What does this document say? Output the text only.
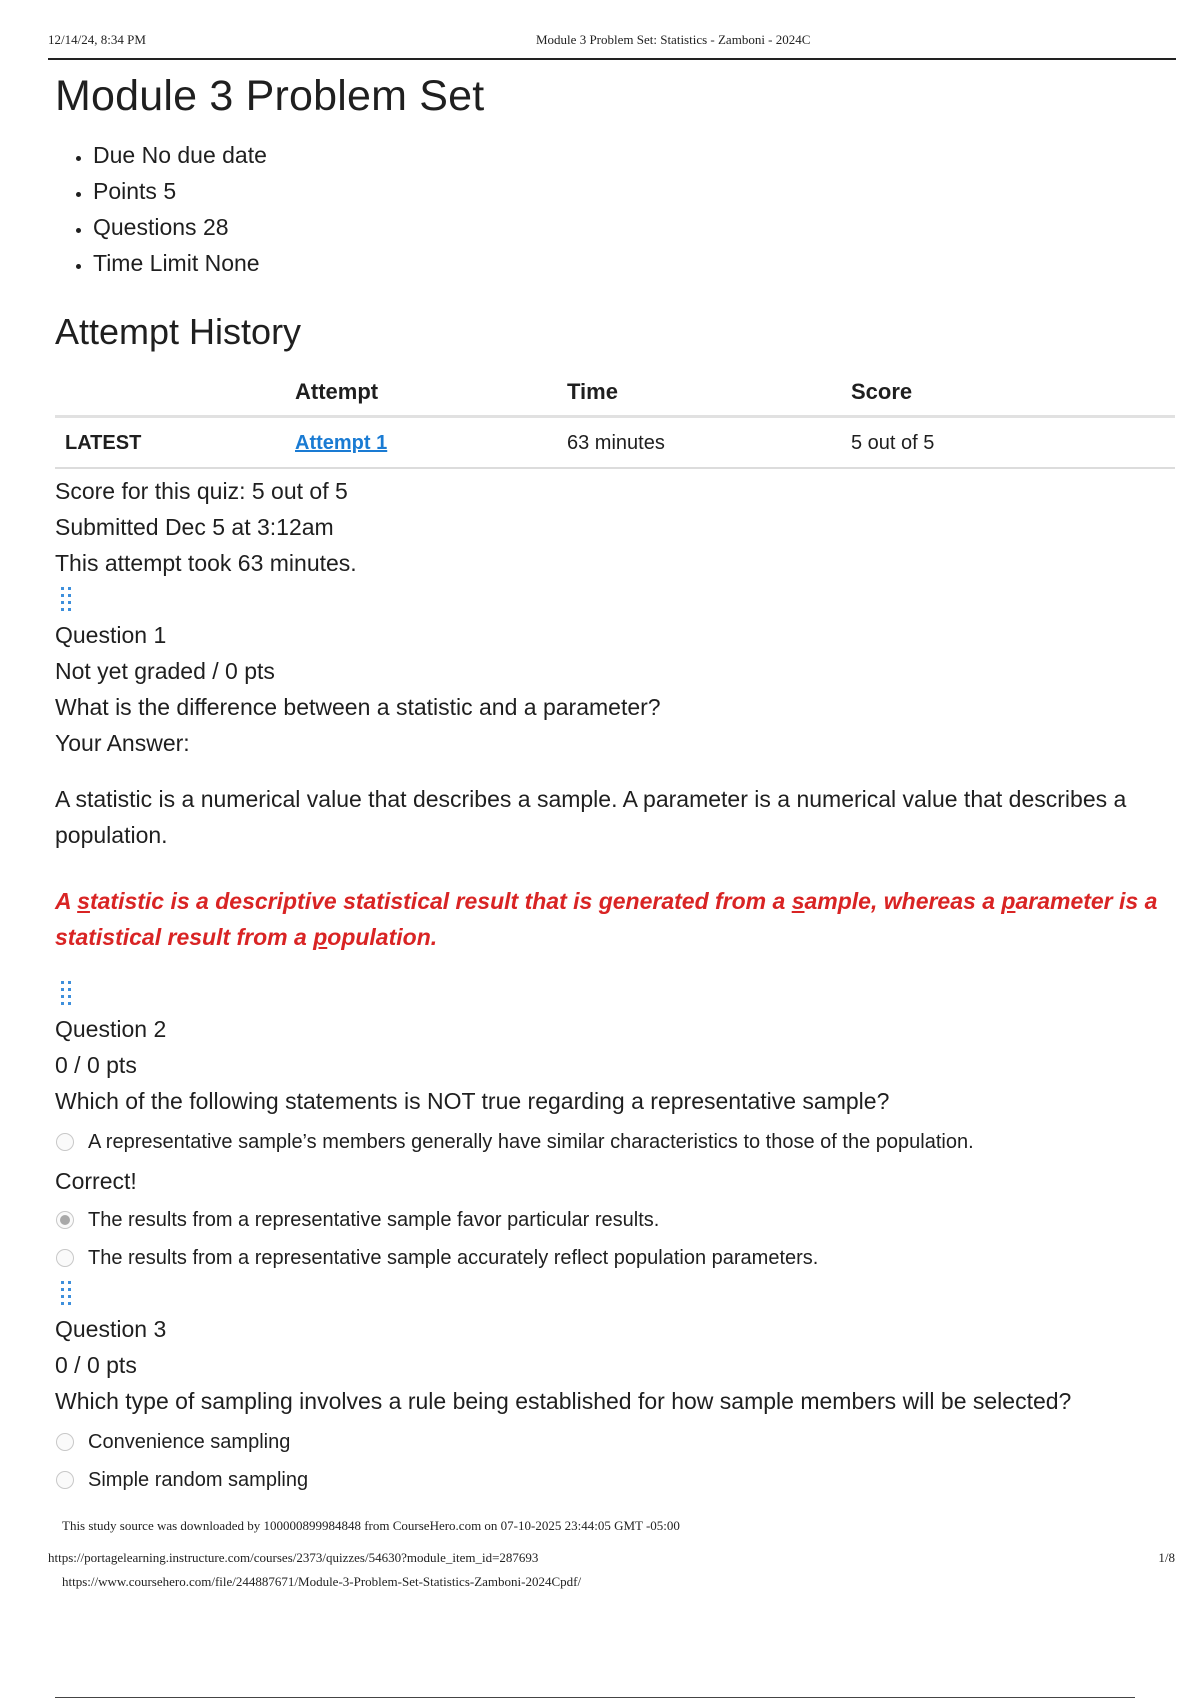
12/14/24, 8:34 PM	Module 3 Problem Set: Statistics - Zamboni - 2024C
Module 3 Problem Set
• Due No due date
• Points 5
• Questions 28
• Time Limit None
Attempt History
	Attempt	Time	Score
LATEST	Attempt 1	63 minutes	5 out of 5
Score for this quiz: 5 out of 5
Submitted Dec 5 at 3:12am
This attempt took 63 minutes.
Question 1
Not yet graded / 0 pts
What is the difference between a statistic and a parameter?
Your Answer:
A statistic is a numerical value that describes a sample. A parameter is a numerical value that describes a population.
A statistic is a descriptive statistical result that is generated from a sample, whereas a parameter is a statistical result from a population.
Question 2
0 / 0 pts
Which of the following statements is NOT true regarding a representative sample?
A representative sample’s members generally have similar characteristics to those of the population.
Correct!
The results from a representative sample favor particular results.
The results from a representative sample accurately reflect population parameters.
Question 3
0 / 0 pts
Which type of sampling involves a rule being established for how sample members will be selected?
Convenience sampling
Simple random sampling
This study source was downloaded by 100000899984848 from CourseHero.com on 07-10-2025 23:44:05 GMT -05:00
https://portagelearning.instructure.com/courses/2373/quizzes/54630?module_item_id=287693	1/8
https://www.coursehero.com/file/244887671/Module-3-Problem-Set-Statistics-Zamboni-2024Cpdf/
